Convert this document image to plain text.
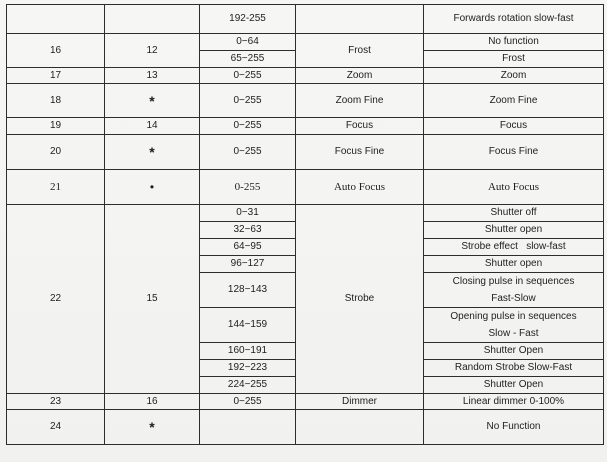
		192-255		Forwards rotation slow-fast
16	12	0−64	Frost	No function
		65−255		Frost
17	13	0−255	Zoom	Zoom
18	*	0−255	Zoom Fine	Zoom Fine
19	14	0−255	Focus	Focus
20	*	0−255	Focus Fine	Focus Fine
21	•	0-255	Auto Focus	Auto Focus
22	15	0−31	Strobe	Shutter off
		32−63		Shutter open
		64−95		Strobe effect   slow-fast
		96−127		Shutter open
		128−143		Closing pulse in sequences
Fast-Slow

		144−159		Opening pulse in sequences
Slow - Fast

		160−191		Shutter Open
		192−223		Random Strobe Slow-Fast
		224−255		Shutter Open
23	16	0−255	Dimmer	Linear dimmer 0-100%
24	*			No Function
